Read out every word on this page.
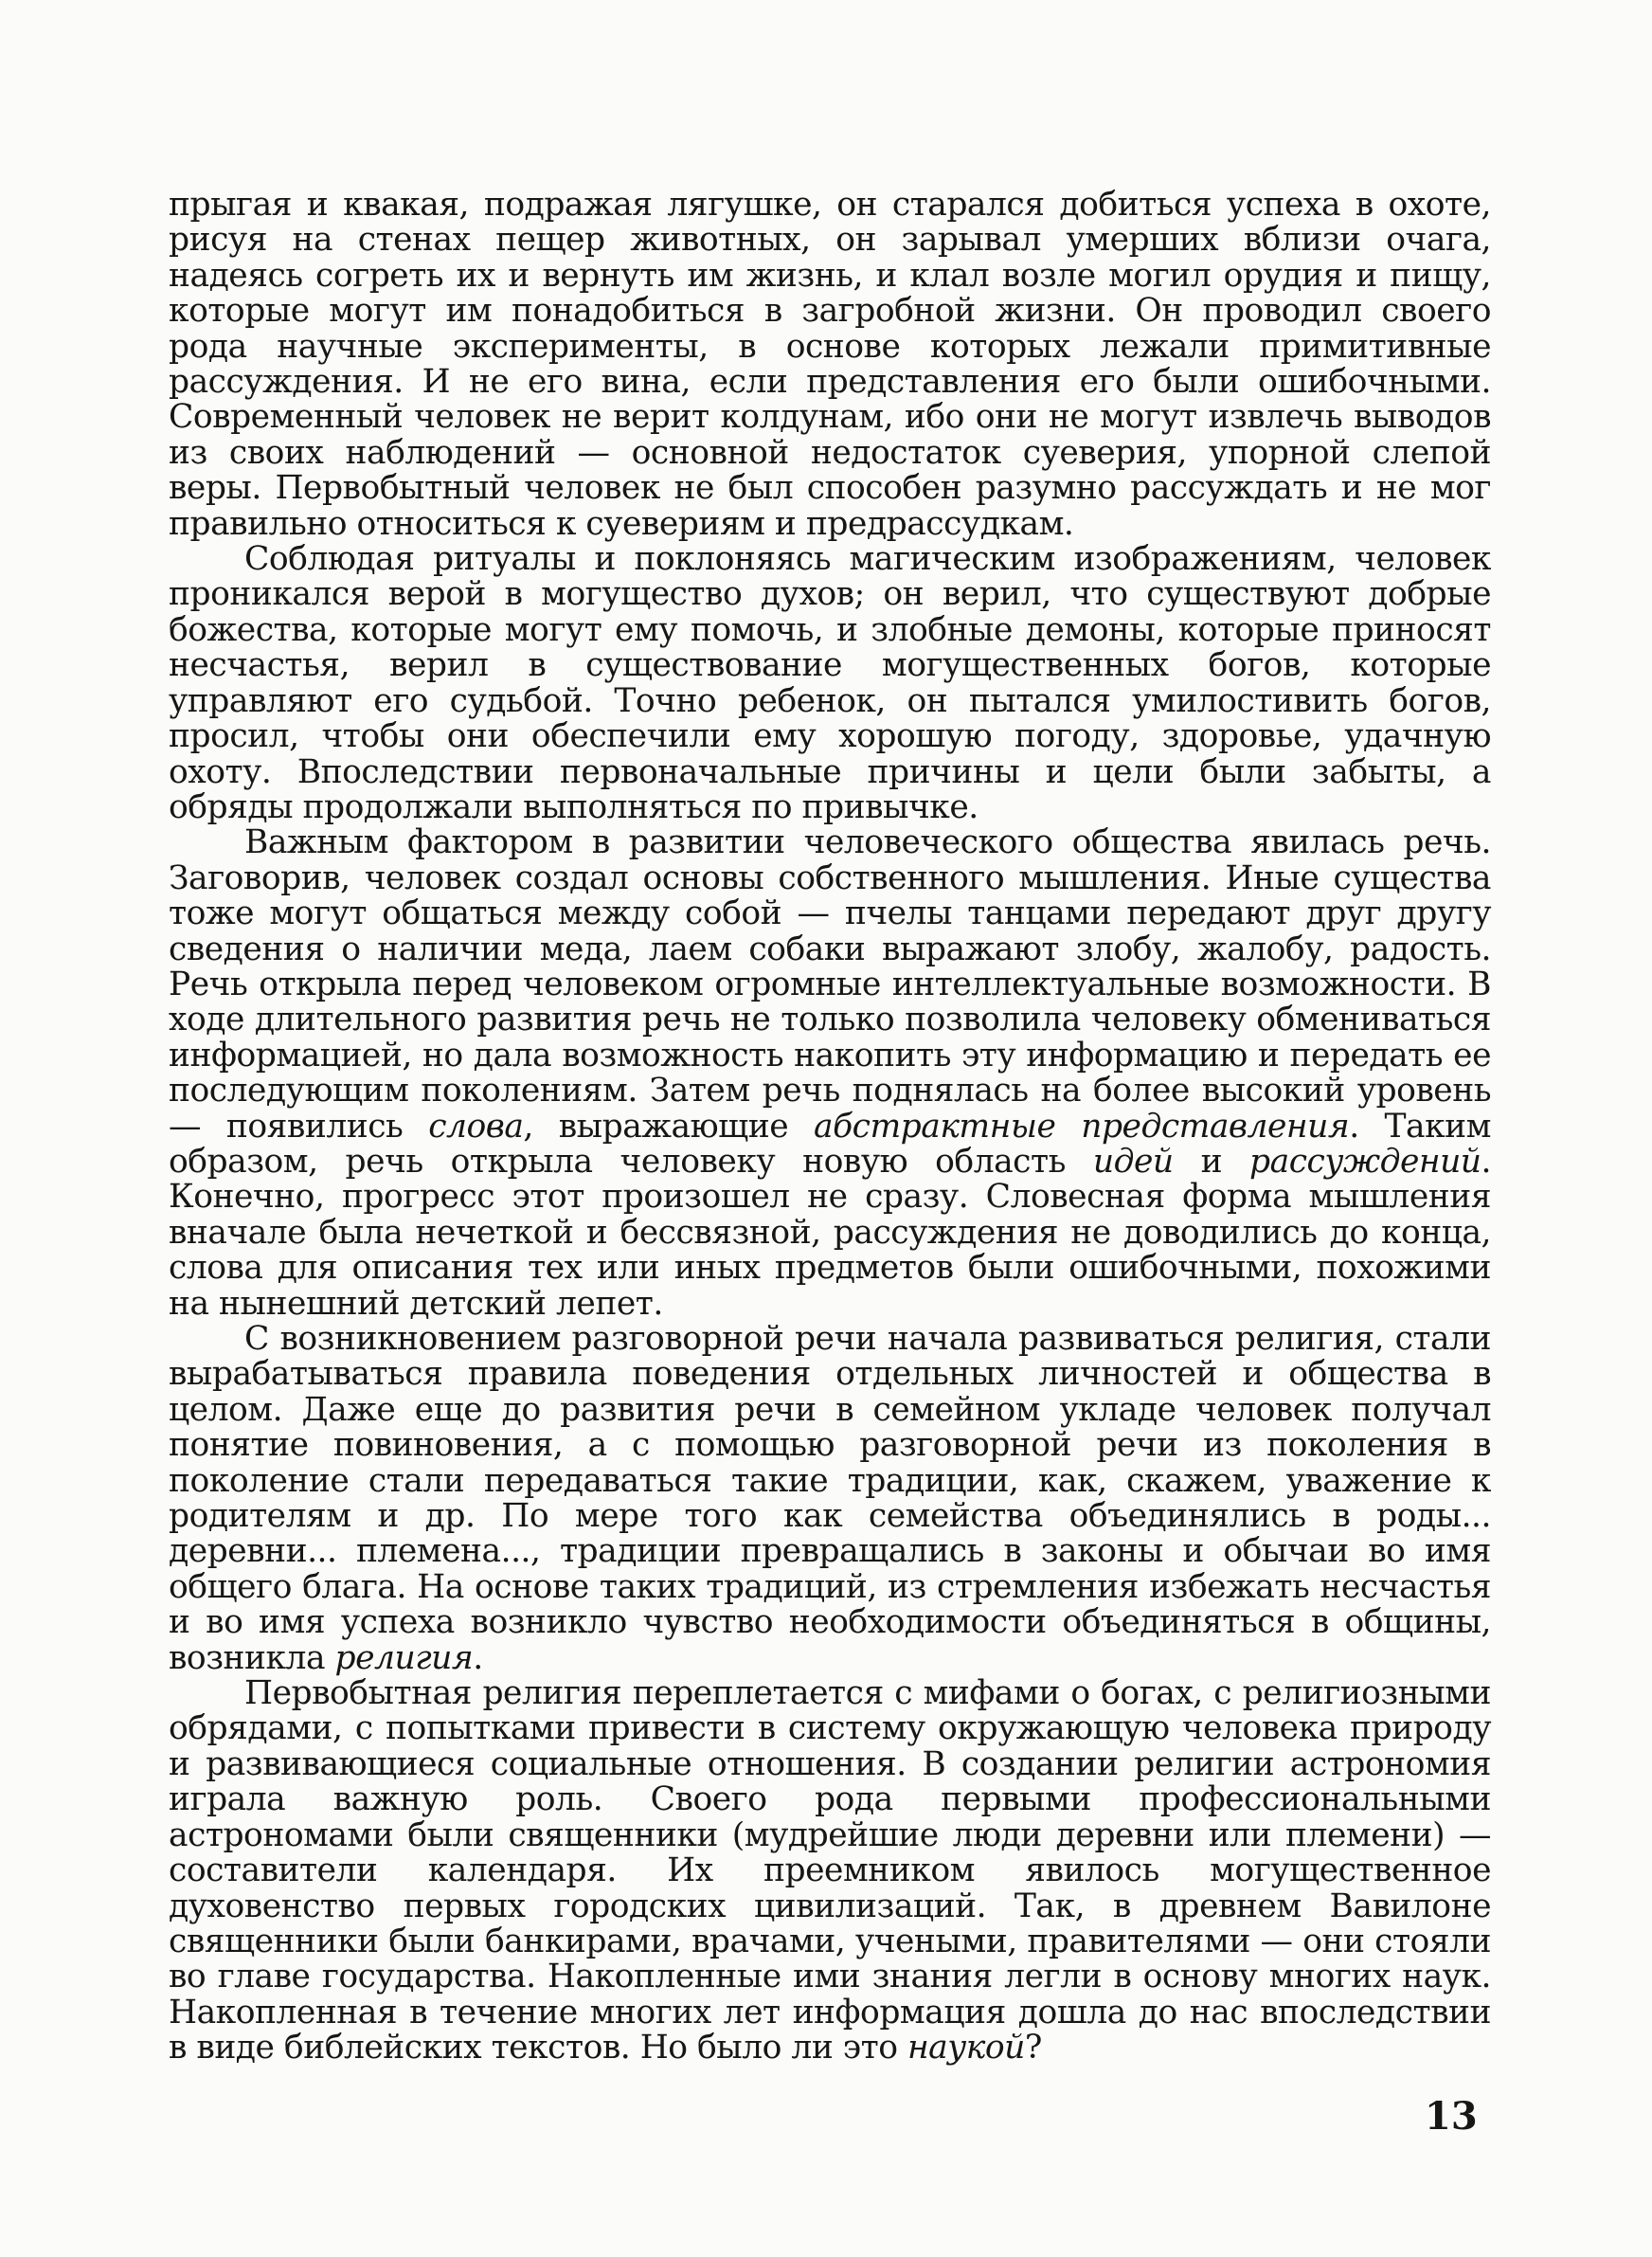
прыгая и квакая, подражая лягушке, он старался добиться успеха в охоте, рисуя на стенах пещер животных, он зарывал умерших вблизи очага, надеясь согреть их и вернуть им жизнь, и клал возле могил орудия и пищу, которые могут им понадобиться в загробной жизни. Он проводил своего рода научные эксперименты, в основе которых лежали примитивные рассуждения. И не его вина, если представления его были ошибочными. Современный человек не верит колдунам, ибо они не могут извлечь выводов из своих наблюдений — основной недостаток суеверия, упорной слепой веры. Первобытный человек не был способен разумно рассуждать и не мог правильно относиться к суевериям и предрассудкам.

Соблюдая ритуалы и поклоняясь магическим изображениям, человек проникался верой в могущество духов; он верил, что существуют добрые божества, которые могут ему помочь, и злобные демоны, которые приносят несчастья, верил в существование могущественных богов, которые управляют его судьбой. Точно ребенок, он пытался умилостивить богов, просил, чтобы они обеспечили ему хорошую погоду, здоровье, удачную охоту. Впоследствии первоначальные причины и цели были забыты, а обряды продолжали выполняться по привычке.

Важным фактором в развитии человеческого общества явилась речь. Заговорив, человек создал основы собственного мышления. Иные существа тоже могут общаться между собой — пчелы танцами передают друг другу сведения о наличии меда, лаем собаки выражают злобу, жалобу, радость. Речь открыла перед человеком огромные интеллектуальные возможности. В ходе длительного развития речь не только позволила человеку обмениваться информацией, но дала возможность накопить эту информацию и передать ее последующим поколениям. Затем речь поднялась на более высокий уровень — появились слова, выражающие абстрактные представления. Таким образом, речь открыла человеку новую область идей и рассуждений. Конечно, прогресс этот произошел не сразу. Словесная форма мышления вначале была нечеткой и бессвязной, рассуждения не доводились до конца, слова для описания тех или иных предметов были ошибочными, похожими на нынешний детский лепет.

С возникновением разговорной речи начала развиваться религия, стали вырабатываться правила поведения отдельных личностей и общества в целом. Даже еще до развития речи в семейном укладе человек получал понятие повиновения, а с помощью разговорной речи из поколения в поколение стали передаваться такие традиции, как, скажем, уважение к родителям и др. По мере того как семейства объединялись в роды... деревни... племена..., традиции превращались в законы и обычаи во имя общего блага. На основе таких традиций, из стремления избежать несчастья и во имя успеха возникло чувство необходимости объединяться в общины, возникла религия.

Первобытная религия переплетается с мифами о богах, с религиозными обрядами, с попытками привести в систему окружающую человека природу и развивающиеся социальные отношения. В создании религии астрономия играла важную роль. Своего рода первыми профессиональными астрономами были священники (мудрейшие люди деревни или племени) — составители календаря. Их преемником явилось могущественное духовенство первых городских цивилизаций. Так, в древнем Вавилоне священники были банкирами, врачами, учеными, правителями — они стояли во главе государства. Накопленные ими знания легли в основу многих наук. Накопленная в течение многих лет информация дошла до нас впоследствии в виде библейских текстов. Но было ли это наукой?

13
